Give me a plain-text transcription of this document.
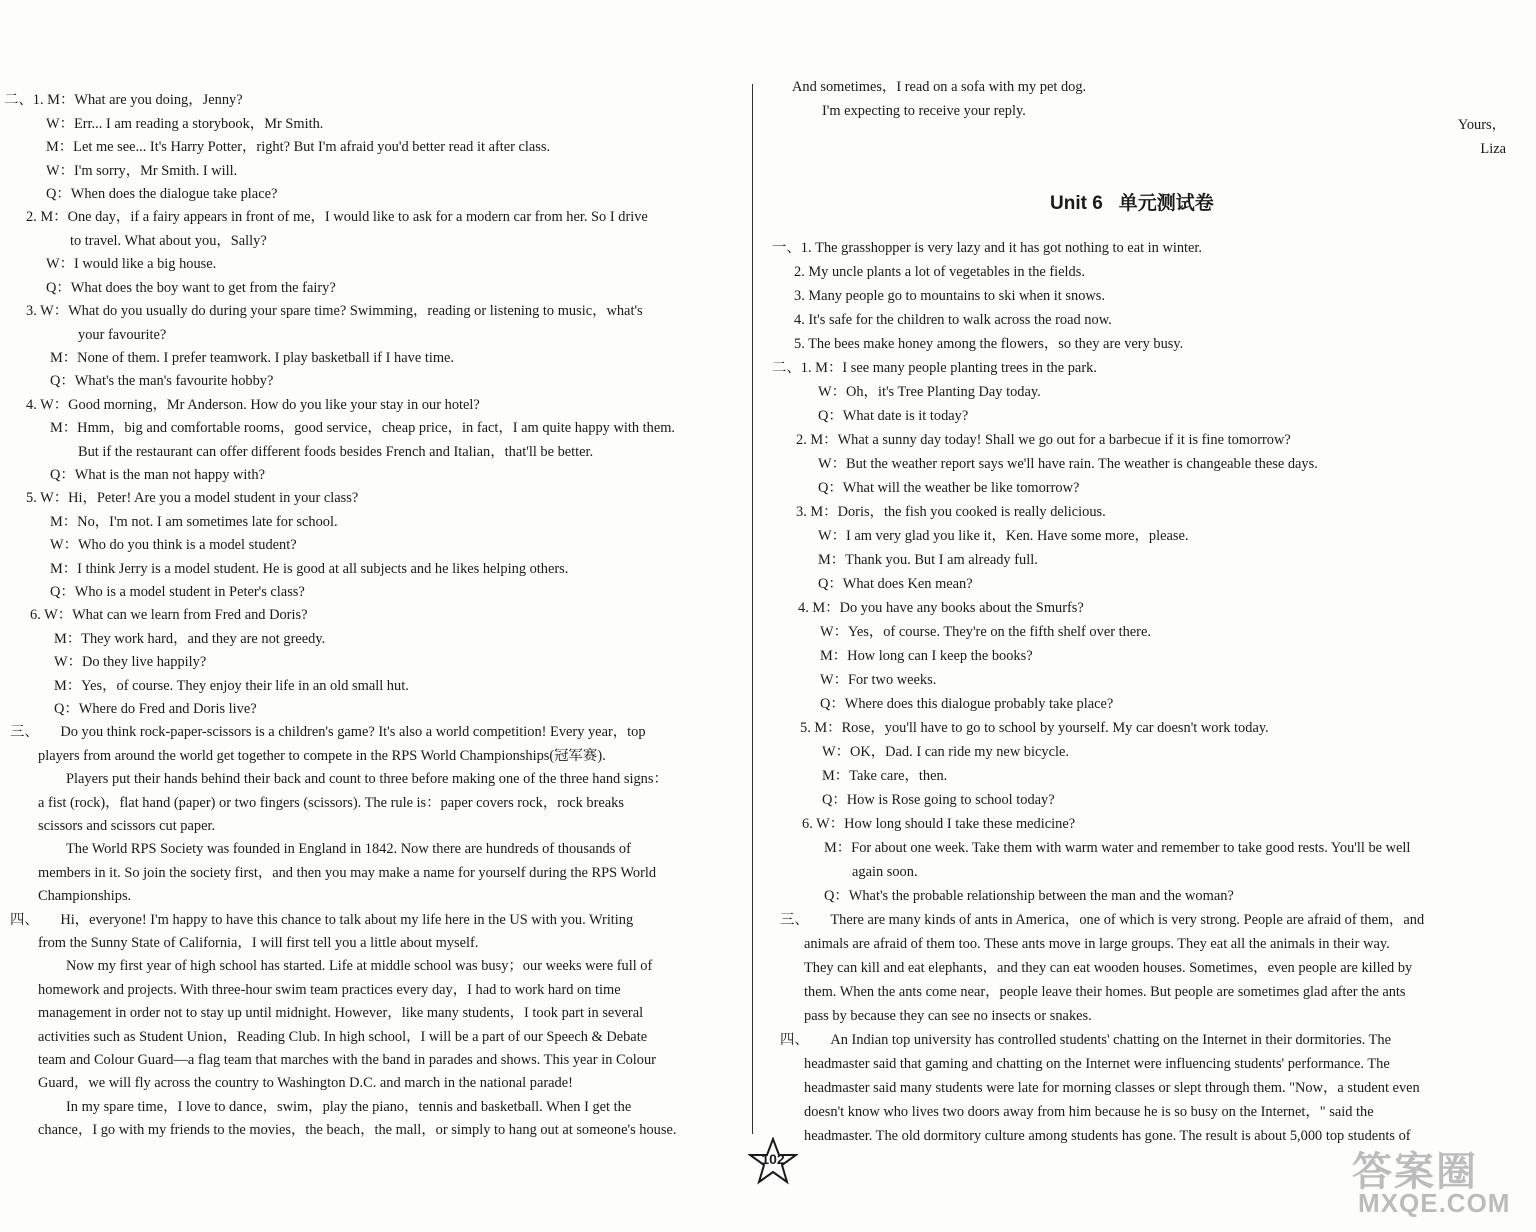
二、1. M：What are you doing，Jenny?
W：Err... I am reading a storybook，Mr Smith.
M：Let me see... It's Harry Potter，right? But I'm afraid you'd better read it after class.
W：I'm sorry，Mr Smith. I will.
Q：When does the dialogue take place?
2. M：One day，if a fairy appears in front of me，I would like to ask for a modern car from her. So I drive
to travel. What about you，Sally?
W：I would like a big house.
Q：What does the boy want to get from the fairy?
3. W：What do you usually do during your spare time? Swimming，reading or listening to music，what's
your favourite?
M：None of them. I prefer teamwork. I play basketball if I have time.
Q：What's the man's favourite hobby?
4. W：Good morning，Mr Anderson. How do you like your stay in our hotel?
M：Hmm，big and comfortable rooms，good service，cheap price，in fact，I am quite happy with them.
But if the restaurant can offer different foods besides French and Italian，that'll be better.
Q：What is the man not happy with?
5. W：Hi，Peter! Are you a model student in your class?
M：No，I'm not. I am sometimes late for school.
W：Who do you think is a model student?
M：I think Jerry is a model student. He is good at all subjects and he likes helping others.
Q：Who is a model student in Peter's class?
6. W：What can we learn from Fred and Doris?
M：They work hard，and they are not greedy.
W：Do they live happily?
M：Yes，of course. They enjoy their life in an old small hut.
Q：Where do Fred and Doris live?
三、　　Do you think rock-paper-scissors is a children's game? It's also a world competition! Every year，top
players from around the world get together to compete in the RPS World Championships(冠军赛).
Players put their hands behind their back and count to three before making one of the three hand signs：
a fist (rock)，flat hand (paper) or two fingers (scissors). The rule is：paper covers rock，rock breaks
scissors and scissors cut paper.
The World RPS Society was founded in England in 1842. Now there are hundreds of thousands of
members in it. So join the society first，and then you may make a name for yourself during the RPS World
Championships.
四、　　Hi，everyone! I'm happy to have this chance to talk about my life here in the US with you. Writing
from the Sunny State of California，I will first tell you a little about myself.
Now my first year of high school has started. Life at middle school was busy；our weeks were full of
homework and projects. With three-hour swim team practices every day，I had to work hard on time
management in order not to stay up until midnight. However，like many students，I took part in several
activities such as Student Union，Reading Club. In high school，I will be a part of our Speech & Debate
team and Colour Guard—a flag team that marches with the band in parades and shows. This year in Colour
Guard，we will fly across the country to Washington D.C. and march in the national parade!
In my spare time，I love to dance，swim，play the piano，tennis and basketball. When I get the
chance，I go with my friends to the movies，the beach，the mall，or simply to hang out at someone's house.
And sometimes，I read on a sofa with my pet dog.
I'm expecting to receive your reply.
Yours，
Liza
一、1. The grasshopper is very lazy and it has got nothing to eat in winter.
2. My uncle plants a lot of vegetables in the fields.
3. Many people go to mountains to ski when it snows.
4. It's safe for the children to walk across the road now.
5. The bees make honey among the flowers，so they are very busy.
二、1. M：I see many people planting trees in the park.
W：Oh，it's Tree Planting Day today.
Q：What date is it today?
2. M：What a sunny day today! Shall we go out for a barbecue if it is fine tomorrow?
W：But the weather report says we'll have rain. The weather is changeable these days.
Q：What will the weather be like tomorrow?
3. M：Doris，the fish you cooked is really delicious.
W：I am very glad you like it，Ken. Have some more，please.
M：Thank you. But I am already full.
Q：What does Ken mean?
4. M：Do you have any books about the Smurfs?
W：Yes，of course. They're on the fifth shelf over there.
M：How long can I keep the books?
W：For two weeks.
Q：Where does this dialogue probably take place?
5. M：Rose，you'll have to go to school by yourself. My car doesn't work today.
W：OK，Dad. I can ride my new bicycle.
M：Take care，then.
Q：How is Rose going to school today?
6. W：How long should I take these medicine?
M：For about one week. Take them with warm water and remember to take good rests. You'll be well
again soon.
Q：What's the probable relationship between the man and the woman?
三、　　There are many kinds of ants in America，one of which is very strong. People are afraid of them，and
animals are afraid of them too. These ants move in large groups. They eat all the animals in their way.
They can kill and eat elephants，and they can eat wooden houses. Sometimes，even people are killed by
them. When the ants come near，people leave their homes. But people are sometimes glad after the ants
pass by because they can see no insects or snakes.
四、　　An Indian top university has controlled students' chatting on the Internet in their dormitories. The
headmaster said that gaming and chatting on the Internet were influencing students' performance. The
headmaster said many students were late for morning classes or slept through them. "Now，a student even
doesn't know who lives two doors away from him because he is so busy on the Internet，" said the
headmaster. The old dormitory culture among students has gone. The result is about 5,000 top students of
Unit 6 单元测试卷
102	答案圈
MXQE.COM
